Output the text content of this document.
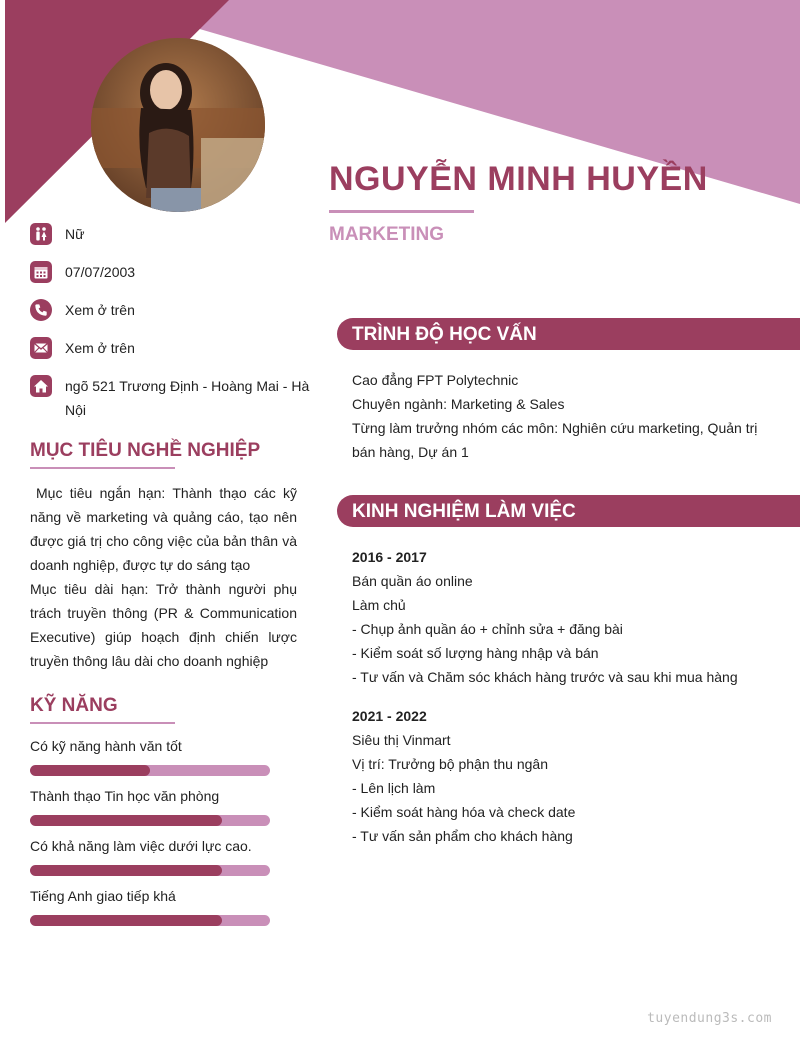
NGUYỄN MINH HUYỀN
MARKETING
Nữ
07/07/2003
Xem ở trên
Xem ở trên
ngõ 521 Trương Định - Hoàng Mai - Hà Nội
MỤC TIÊU NGHỀ NGHIỆP

Mục tiêu ngắn hạn: Thành thạo các kỹ năng về marketing và quảng cáo, tạo nên được giá trị cho công việc của bản thân và doanh nghiệp, được tự do sáng tạo

Mục tiêu dài hạn: Trở thành người phụ trách truyền thông (PR & Communication Executive) giúp hoạch định chiến lược truyền thông lâu dài cho doanh nghiệp

KỸ NĂNG
Có kỹ năng hành văn tốt
Thành thạo Tin học văn phòng
Có khả năng làm việc dưới lực cao.
Tiếng Anh giao tiếp khá
TRÌNH ĐỘ HỌC VẤN
Cao đẳng FPT Polytechnic
Chuyên ngành: Marketing & Sales
Từng làm trưởng nhóm các môn: Nghiên cứu marketing, Quản trị bán hàng, Dự án 1
KINH NGHIỆM LÀM VIỆC
2016 - 2017
Bán quần áo online
Làm chủ
- Chụp ảnh quần áo + chỉnh sửa + đăng bài
- Kiểm soát số lượng hàng nhập và bán
- Tư vấn và Chăm sóc khách hàng trước và sau khi mua hàng
2021 - 2022
Siêu thị Vinmart
Vị trí: Trưởng bộ phận thu ngân
- Lên lịch làm
- Kiểm soát hàng hóa và check date
- Tư vấn sản phẩm cho khách hàng
tuyendung3s.com
